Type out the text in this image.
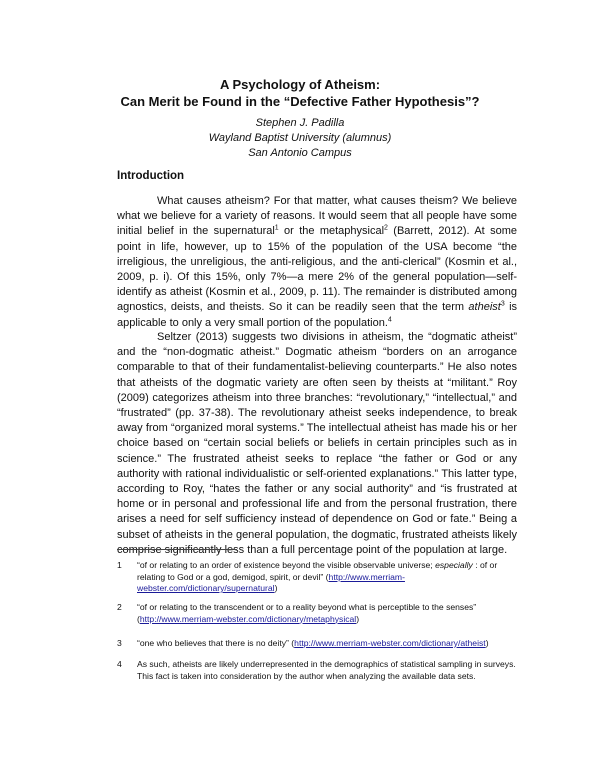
A Psychology of Atheism:
Can Merit be Found in the “Defective Father Hypothesis”?
Stephen J. Padilla
Wayland Baptist University (alumnus)
San Antonio Campus
Introduction
What causes atheism? For that matter, what causes theism? We believe what we believe for a variety of reasons. It would seem that all people have some initial belief in the supernatural$^1$ or the metaphysical$^2$ (Barrett, 2012). At some point in life, however, up to 15% of the population of the USA become “the irreligious, the unreligious, the anti-religious, and the anti-clerical” (Kosmin et al., 2009, p. i). Of this 15%, only 7%—a mere 2% of the general population—self-identify as atheist (Kosmin et al., 2009, p. 11). The remainder is distributed among agnostics, deists, and theists. So it can be readily seen that the term atheist$^3$ is applicable to only a very small portion of the population.$^4$
Seltzer (2013) suggests two divisions in atheism, the “dogmatic atheist” and the “non-dogmatic atheist.” Dogmatic atheism “borders on an arrogance comparable to that of their fundamentalist-believing counterparts.” He also notes that atheists of the dogmatic variety are often seen by theists at “militant.” Roy (2009) categorizes atheism into three branches: “revolutionary,” “intellectual,” and “frustrated” (pp. 37-38). The revolutionary atheist seeks independence, to break away from “organized moral systems.” The intellectual atheist has made his or her choice based on “certain social beliefs or beliefs in certain principles such as in science.” The frustrated atheist seeks to replace “the father or God or any authority with rational individualistic or self-oriented explanations.” This latter type, according to Roy, “hates the father or any social authority” and “is frustrated at home or in personal and professional life and from the personal frustration, there arises a need for self sufficiency instead of dependence on God or fate.” Being a subset of atheists in the general population, the dogmatic, frustrated atheists likely comprise significantly less than a full percentage point of the population at large.
1	“of or relating to an order of existence beyond the visible observable universe; especially : of or relating to God or a god, demigod, spirit, or devil” (http://www.merriam-webster.com/dictionary/supernatural)
2	“of or relating to the transcendent or to a reality beyond what is perceptible to the senses” (http://www.merriam-webster.com/dictionary/metaphysical)
3	“one who believes that there is no deity” (http://www.merriam-webster.com/dictionary/atheist)
4	As such, atheists are likely underrepresented in the demographics of statistical sampling in surveys. This fact is taken into consideration by the author when analyzing the available data sets.
